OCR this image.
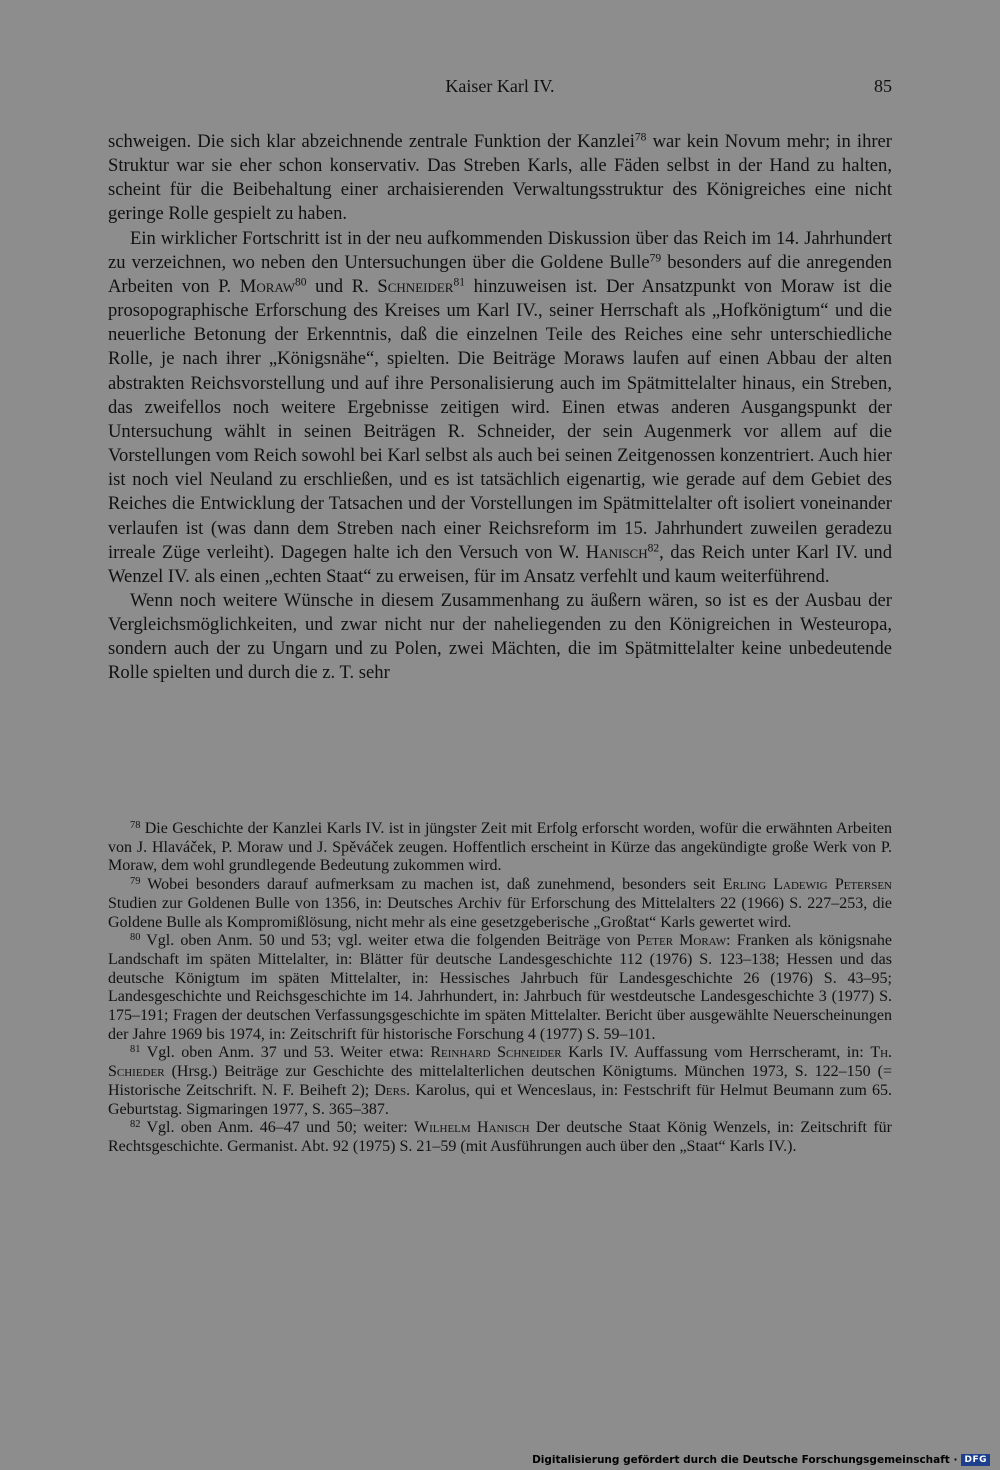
Kaiser Karl IV.	85

schweigen. Die sich klar abzeichnende zentrale Funktion der Kanzlei$^{78}$ war kein Novum mehr; in ihrer Struktur war sie eher schon konservativ. Das Streben Karls, alle Fäden selbst in der Hand zu halten, scheint für die Beibehaltung einer archaisierenden Verwaltungsstruktur des Königreiches eine nicht geringe Rolle gespielt zu haben.

Ein wirklicher Fortschritt ist in der neu aufkommenden Diskussion über das Reich im 14. Jahrhundert zu verzeichnen, wo neben den Untersuchungen über die Goldene Bulle$^{79}$ besonders auf die anregenden Arbeiten von P. Moraw$^{80}$ und R. Schneider$^{81}$ hinzuweisen ist. Der Ansatzpunkt von Moraw ist die prosopographische Erforschung des Kreises um Karl IV., seiner Herrschaft als „Hofkönigtum“ und die neuerliche Betonung der Erkenntnis, daß die einzelnen Teile des Reiches eine sehr unterschiedliche Rolle, je nach ihrer „Königsnähe“, spielten. Die Beiträge Moraws laufen auf einen Abbau der alten abstrakten Reichsvorstellung und auf ihre Personalisierung auch im Spätmittelalter hinaus, ein Streben, das zweifellos noch weitere Ergebnisse zeitigen wird. Einen etwas anderen Ausgangspunkt der Untersuchung wählt in seinen Beiträgen R. Schneider, der sein Augenmerk vor allem auf die Vorstellungen vom Reich sowohl bei Karl selbst als auch bei seinen Zeitgenossen konzentriert. Auch hier ist noch viel Neuland zu erschließen, und es ist tatsächlich eigenartig, wie gerade auf dem Gebiet des Reiches die Entwicklung der Tatsachen und der Vorstellungen im Spätmittelalter oft isoliert voneinander verlaufen ist (was dann dem Streben nach einer Reichsreform im 15. Jahrhundert zuweilen geradezu irreale Züge verleiht). Dagegen halte ich den Versuch von W. Hanisch$^{82}$, das Reich unter Karl IV. und Wenzel IV. als einen „echten Staat“ zu erweisen, für im Ansatz verfehlt und kaum weiterführend.

Wenn noch weitere Wünsche in diesem Zusammenhang zu äußern wären, so ist es der Ausbau der Vergleichsmöglichkeiten, und zwar nicht nur der naheliegenden zu den Königreichen in Westeuropa, sondern auch der zu Ungarn und zu Polen, zwei Mächten, die im Spätmittelalter keine unbedeutende Rolle spielten und durch die z. T. sehr

$^{78}$ Die Geschichte der Kanzlei Karls IV. ist in jüngster Zeit mit Erfolg erforscht worden, wofür die erwähnten Arbeiten von J. Hlaváček, P. Moraw und J. Spěváček zeugen. Hoffentlich erscheint in Kürze das angekündigte große Werk von P. Moraw, dem wohl grundlegende Bedeutung zukommen wird.

$^{79}$ Wobei besonders darauf aufmerksam zu machen ist, daß zunehmend, besonders seit Erling Ladewig Petersen Studien zur Goldenen Bulle von 1356, in: Deutsches Archiv für Erforschung des Mittelalters 22 (1966) S. 227–253, die Goldene Bulle als Kompromißlösung, nicht mehr als eine gesetzgeberische „Großtat“ Karls gewertet wird.

$^{80}$ Vgl. oben Anm. 50 und 53; vgl. weiter etwa die folgenden Beiträge von Peter Moraw: Franken als königsnahe Landschaft im späten Mittelalter, in: Blätter für deutsche Landesgeschichte 112 (1976) S. 123–138; Hessen und das deutsche Königtum im späten Mittelalter, in: Hessisches Jahrbuch für Landesgeschichte 26 (1976) S. 43–95; Landesgeschichte und Reichsgeschichte im 14. Jahrhundert, in: Jahrbuch für westdeutsche Landesgeschichte 3 (1977) S. 175–191; Fragen der deutschen Verfassungsgeschichte im späten Mittelalter. Bericht über ausgewählte Neuerscheinungen der Jahre 1969 bis 1974, in: Zeitschrift für historische Forschung 4 (1977) S. 59–101.

$^{81}$ Vgl. oben Anm. 37 und 53. Weiter etwa: Reinhard Schneider Karls IV. Auffassung vom Herrscheramt, in: Th. Schieder (Hrsg.) Beiträge zur Geschichte des mittelalterlichen deutschen Königtums. München 1973, S. 122–150 (= Historische Zeitschrift. N. F. Beiheft 2); Ders. Karolus, qui et Wenceslaus, in: Festschrift für Helmut Beumann zum 65. Geburtstag. Sigmaringen 1977, S. 365–387.

$^{82}$ Vgl. oben Anm. 46–47 und 50; weiter: Wilhelm Hanisch Der deutsche Staat König Wenzels, in: Zeitschrift für Rechtsgeschichte. Germanist. Abt. 92 (1975) S. 21–59 (mit Ausführungen auch über den „Staat“ Karls IV.).

Digitalisierung gefördert durch die Deutsche Forschungsgemeinschaft · DFG
